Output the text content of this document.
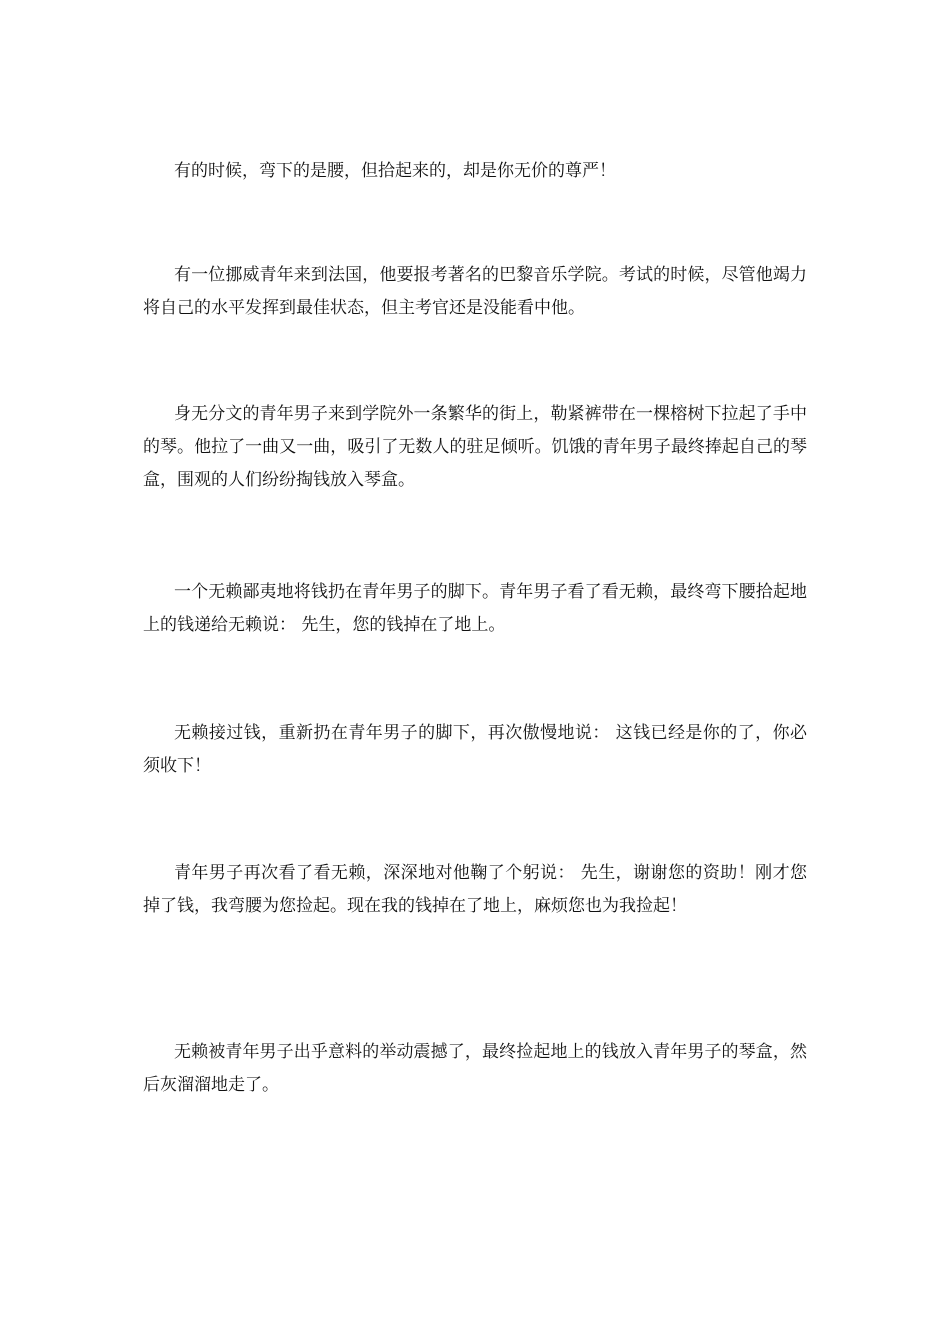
有的时候，弯下的是腰，但拾起来的，却是你无价的尊严！

有一位挪威青年来到法国，他要报考著名的巴黎音乐学院。考试的时候，尽管他竭力将自己的水平发挥到最佳状态，但主考官还是没能看中他。

身无分文的青年男子来到学院外一条繁华的街上，勒紧裤带在一棵榕树下拉起了手中的琴。他拉了一曲又一曲，吸引了无数人的驻足倾听。饥饿的青年男子最终捧起自己的琴盒，围观的人们纷纷掏钱放入琴盒。

一个无赖鄙夷地将钱扔在青年男子的脚下。青年男子看了看无赖，最终弯下腰拾起地上的钱递给无赖说： 先生，您的钱掉在了地上。

无赖接过钱，重新扔在青年男子的脚下，再次傲慢地说： 这钱已经是你的了，你必须收下！

青年男子再次看了看无赖，深深地对他鞠了个躬说： 先生，谢谢您的资助！刚才您掉了钱，我弯腰为您捡起。现在我的钱掉在了地上，麻烦您也为我捡起！

无赖被青年男子出乎意料的举动震撼了，最终捡起地上的钱放入青年男子的琴盒，然后灰溜溜地走了。
